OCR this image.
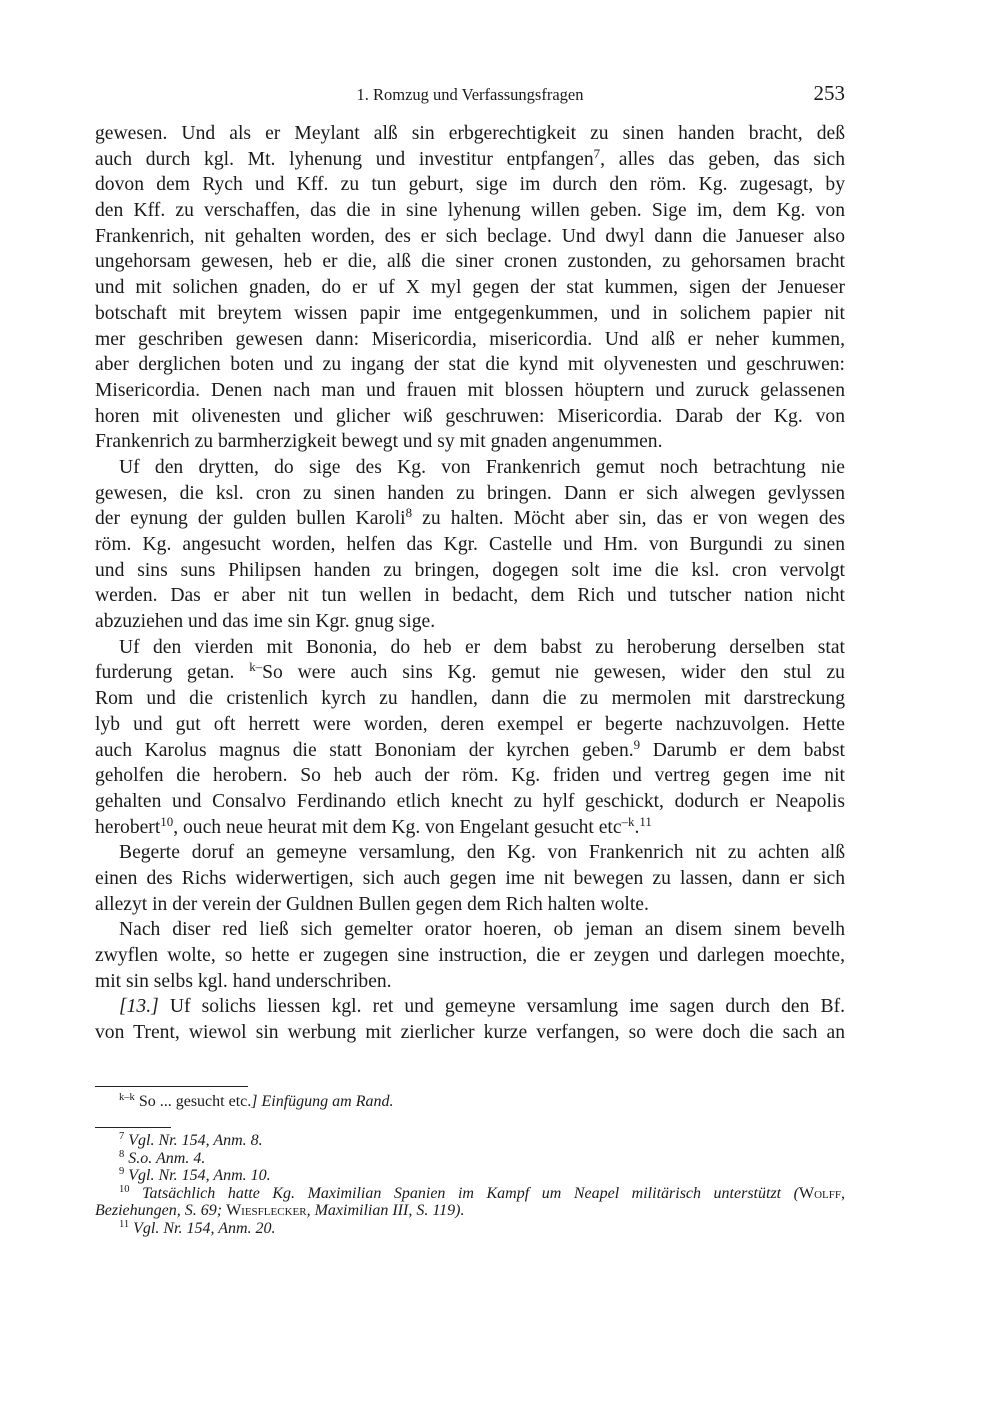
1. Romzug und Verfassungsfragen	253
gewesen. Und als er Meylant alß sin erbgerechtigkeit zu sinen handen bracht, deß
auch durch kgl. Mt. lyhenung und investitur entpfangen$^7$, alles das geben, das sich
dovon dem Rych und Kff. zu tun geburt, sige im durch den röm. Kg. zugesagt, by
den Kff. zu verschaffen, das die in sine lyhenung willen geben. Sige im, dem Kg. von
Frankenrich, nit gehalten worden, des er sich beclage. Und dwyl dann die Janueser also
ungehorsam gewesen, heb er die, alß die siner cronen zustonden, zu gehorsamen bracht
und mit solichen gnaden, do er uf X myl gegen der stat kummen, sigen der Jenueser
botschaft mit breytem wissen papir ime entgegenkummen, und in solichem papier nit
mer geschriben gewesen dann: Misericordia, misericordia. Und alß er neher kummen,
aber derglichen boten und zu ingang der stat die kynd mit olyvenesten und geschruwen:
Misericordia. Denen nach man und frauen mit blossen höuptern und zuruck gelassenen
horen mit olivenesten und glicher wiß geschruwen: Misericordia. Darab der Kg. von
Frankenrich zu barmherzigkeit bewegt und sy mit gnaden angenummen.
Uf den drytten, do sige des Kg. von Frankenrich gemut noch betrachtung nie
gewesen, die ksl. cron zu sinen handen zu bringen. Dann er sich alwegen gevlyssen
der eynung der gulden bullen Karoli$^8$ zu halten. Möcht aber sin, das er von wegen des
röm. Kg. angesucht worden, helfen das Kgr. Castelle und Hm. von Burgundi zu sinen
und sins suns Philipsen handen zu bringen, dogegen solt ime die ksl. cron vervolgt
werden. Das er aber nit tun wellen in bedacht, dem Rich und tutscher nation nicht
abzuziehen und das ime sin Kgr. gnug sige.
Uf den vierden mit Bononia, do heb er dem babst zu heroberung derselben stat
furderung getan. $^{k-}$So were auch sins Kg. gemut nie gewesen, wider den stul zu
Rom und die cristenlich kyrch zu handlen, dann die zu mermolen mit darstreckung
lyb und gut oft herrett were worden, deren exempel er begerte nachzuvolgen. Hette
auch Karolus magnus die statt Bononiam der kyrchen geben.$^9$ Darumb er dem babst
geholfen die herobern. So heb auch der röm. Kg. friden und vertreg gegen ime nit
gehalten und Consalvo Ferdinando etlich knecht zu hylf geschickt, dodurch er Neapolis
herobert$^{10}$, ouch neue heurat mit dem Kg. von Engelant gesucht etc$^{-k}$.$^{11}$
Begerte doruf an gemeyne versamlung, den Kg. von Frankenrich nit zu achten alß
einen des Richs widerwertigen, sich auch gegen ime nit bewegen zu lassen, dann er sich
allezyt in der verein der Guldnen Bullen gegen dem Rich halten wolte.
Nach diser red ließ sich gemelter orator hoeren, ob jeman an disem sinem bevelh
zwyflen wolte, so hette er zugegen sine instruction, die er zeygen und darlegen moechte,
mit sin selbs kgl. hand underschriben.
[13.] Uf solichs liessen kgl. ret und gemeyne versamlung ime sagen durch den Bf.
von Trent, wiewol sin werbung mit zierlicher kurze verfangen, so were doch die sach an
$^{k-k}$ So ... gesucht etc.] Einfügung am Rand.
$^7$ Vgl. Nr. 154, Anm. 8.
$^8$ S.o. Anm. 4.
$^9$ Vgl. Nr. 154, Anm. 10.
$^{10}$ Tatsächlich hatte Kg. Maximilian Spanien im Kampf um Neapel militärisch unterstützt (Wolff,
Beziehungen, S. 69; Wiesflecker, Maximilian III, S. 119).
$^{11}$ Vgl. Nr. 154, Anm. 20.
